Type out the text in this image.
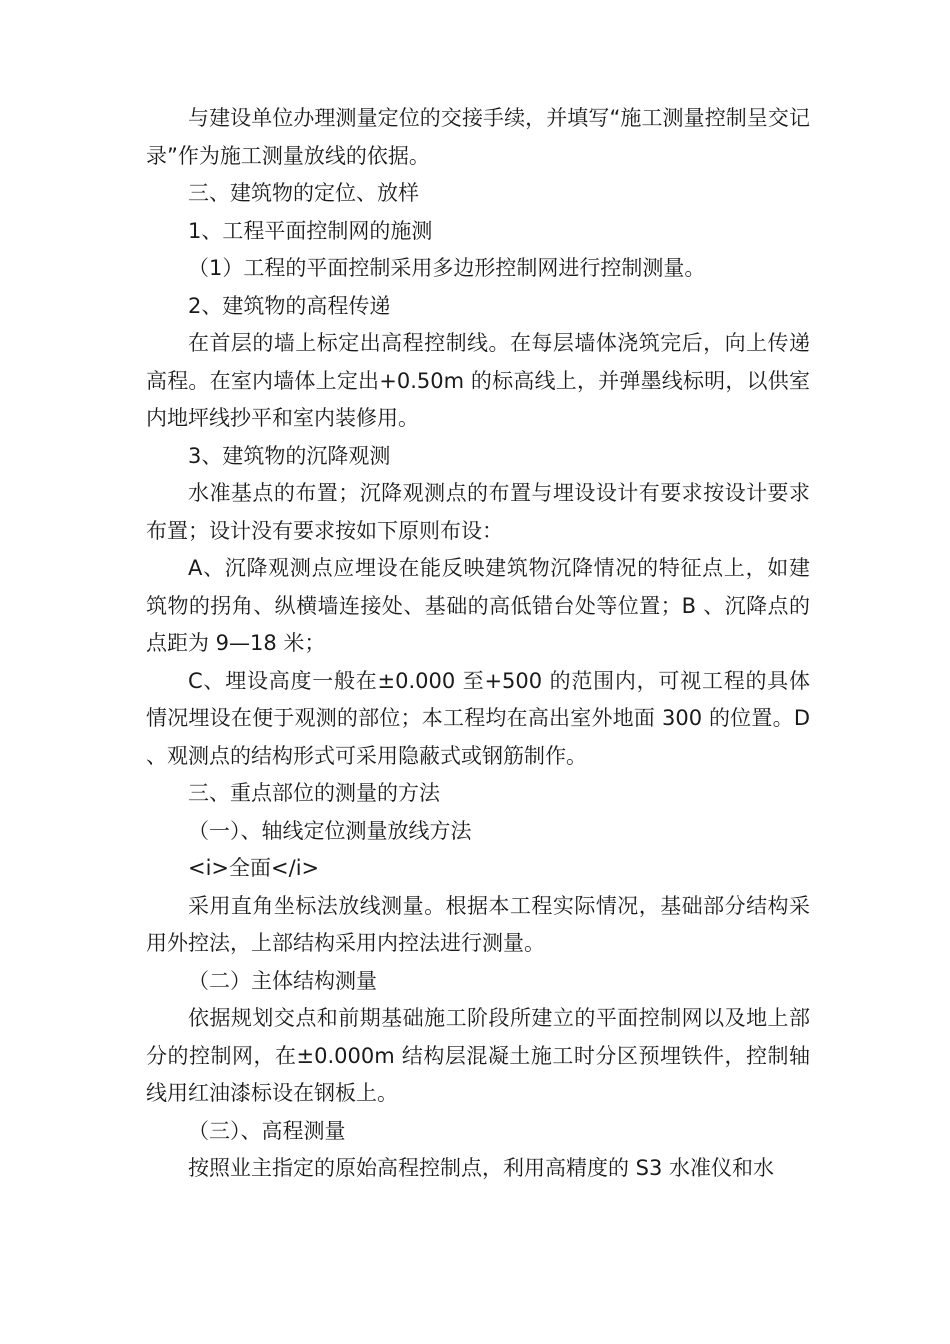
与建设单位办理测量定位的交接手续，并填写“施工测量控制呈交记录”作为施工测量放线的依据。

三、建筑物的定位、放样

1、工程平面控制网的施测

（1）工程的平面控制采用多边形控制网进行控制测量。

2、建筑物的高程传递

在首层的墙上标定出高程控制线。在每层墙体浇筑完后，向上传递高程。在室内墙体上定出+0.50m 的标高线上，并弹墨线标明，以供室内地坪线抄平和室内装修用。

3、建筑物的沉降观测

水准基点的布置；沉降观测点的布置与埋设设计有要求按设计要求布置；设计没有要求按如下原则布设：

A、沉降观测点应埋设在能反映建筑物沉降情况的特征点上，如建筑物的拐角、纵横墙连接处、基础的高低错台处等位置；B 、沉降点的点距为 9—18 米；

C、埋设高度一般在±0.000 至+500 的范围内，可视工程的具体情况埋设在便于观测的部位；本工程均在高出室外地面 300 的位置。D 、观测点的结构形式可采用隐蔽式或钢筋制作。

三、重点部位的测量的方法

（一）、轴线定位测量放线方法

<i>全面</i>

采用直角坐标法放线测量。根据本工程实际情况，基础部分结构采用外控法，上部结构采用内控法进行测量。

（二）主体结构测量

依据规划交点和前期基础施工阶段所建立的平面控制网以及地上部分的控制网，在±0.000m 结构层混凝土施工时分区预埋铁件，控制轴线用红油漆标设在钢板上。

（三）、高程测量

按照业主指定的原始高程控制点，利用高精度的 S3 水准仪和水
